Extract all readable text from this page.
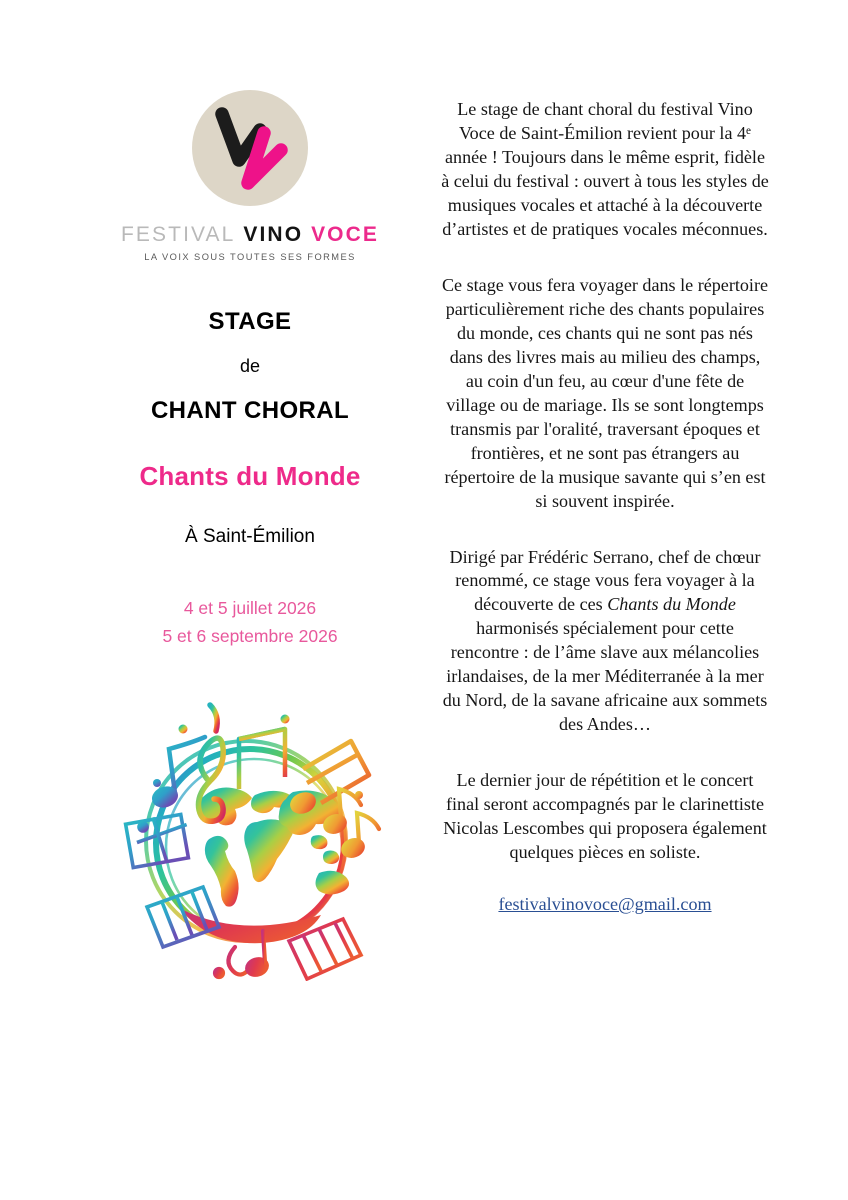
FESTIVAL VINO VOCE
LA VOIX SOUS TOUTES SES FORMES
STAGE
de
CHANT CHORAL
Chants du Monde
À Saint-Émilion
4 et 5 juillet 2026
5 et 6 septembre 2026

Le stage de chant choral du festival Vino Voce de Saint-Émilion revient pour la 4e année ! Toujours dans le même esprit, fidèle à celui du festival : ouvert à tous les styles de musiques vocales et attaché à la découverte d’artistes et de pratiques vocales méconnues.

Ce stage vous fera voyager dans le répertoire particulièrement riche des chants populaires du monde, ces chants qui ne sont pas nés dans des livres mais au milieu des champs, au coin d'un feu, au cœur d'une fête de village ou de mariage. Ils se sont longtemps transmis par l'oralité, traversant époques et frontières, et ne sont pas étrangers au répertoire de la musique savante qui s’en est si souvent inspirée.

Dirigé par Frédéric Serrano, chef de chœur renommé, ce stage vous fera voyager à la découverte de ces Chants du Monde harmonisés spécialement pour cette rencontre : de l’âme slave aux mélancolies irlandaises, de la mer Méditerranée à la mer du Nord, de la savane africaine aux sommets des Andes…

Le dernier jour de répétition et le concert final seront accompagnés par le clarinettiste Nicolas Lescombes qui proposera également quelques pièces en soliste.

festivalvinovoce@gmail.com
